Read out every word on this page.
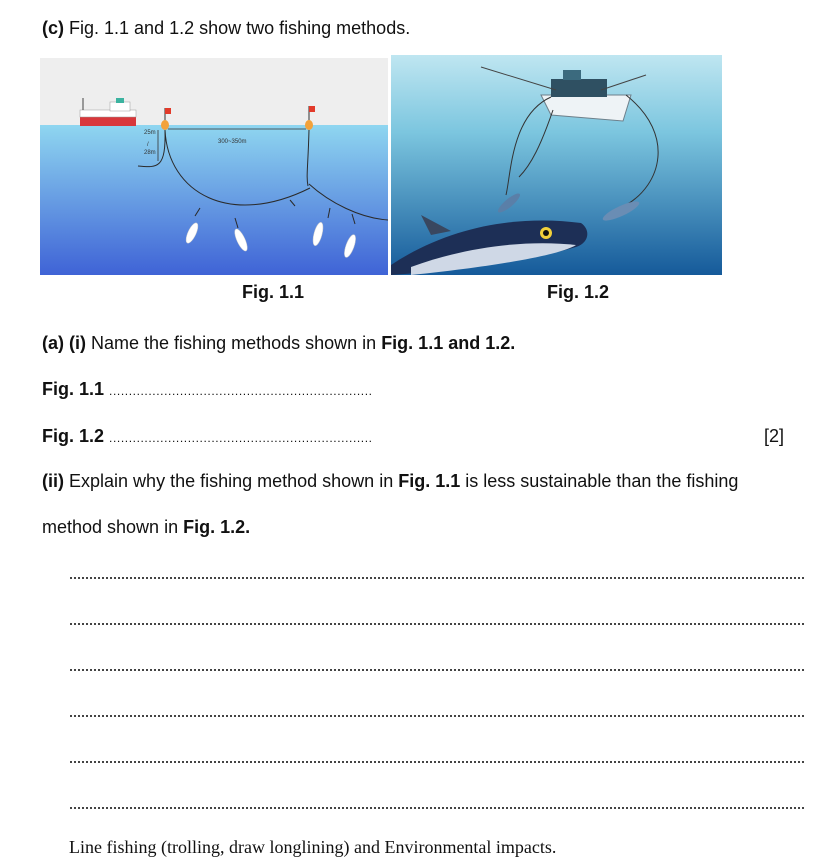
(c) Fig. 1.1 and 1.2 show two fishing methods.
25m
/
28m
300~350m
Fig. 1.1	Fig. 1.2
(a) (i) Name the fishing methods shown in Fig. 1.1 and 1.2.
Fig. 1.1 ...................................................................
Fig. 1.2 ...................................................................	[2]
(ii) Explain why the fishing method shown in Fig. 1.1 is less sustainable than the fishing
method shown in Fig. 1.2.
Line fishing (trolling, draw longlining) and Environmental impacts.
